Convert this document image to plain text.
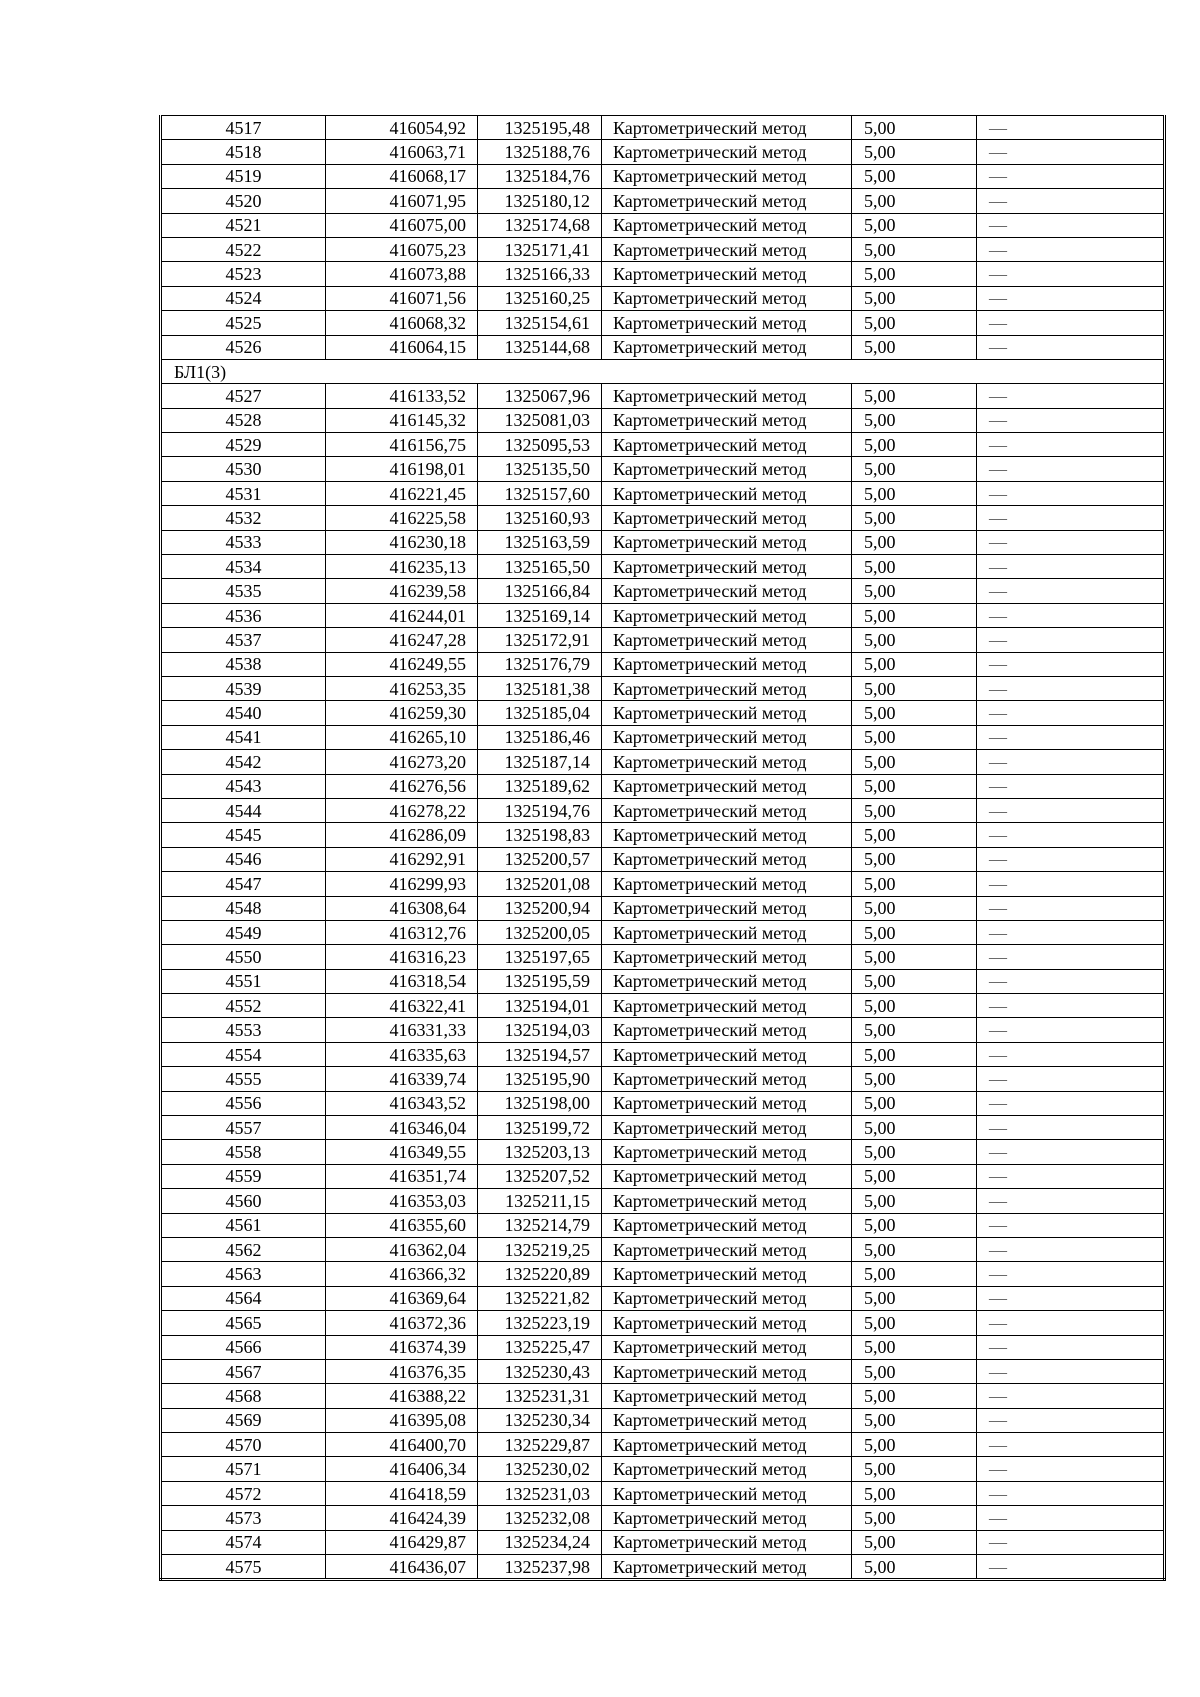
4517	416054,92	1325195,48	Картометрический метод	5,00	—
4518	416063,71	1325188,76	Картометрический метод	5,00	—
4519	416068,17	1325184,76	Картометрический метод	5,00	—
4520	416071,95	1325180,12	Картометрический метод	5,00	—
4521	416075,00	1325174,68	Картометрический метод	5,00	—
4522	416075,23	1325171,41	Картометрический метод	5,00	—
4523	416073,88	1325166,33	Картометрический метод	5,00	—
4524	416071,56	1325160,25	Картометрический метод	5,00	—
4525	416068,32	1325154,61	Картометрический метод	5,00	—
4526	416064,15	1325144,68	Картометрический метод	5,00	—
БЛ1(3)					
4527	416133,52	1325067,96	Картометрический метод	5,00	—
4528	416145,32	1325081,03	Картометрический метод	5,00	—
4529	416156,75	1325095,53	Картометрический метод	5,00	—
4530	416198,01	1325135,50	Картометрический метод	5,00	—
4531	416221,45	1325157,60	Картометрический метод	5,00	—
4532	416225,58	1325160,93	Картометрический метод	5,00	—
4533	416230,18	1325163,59	Картометрический метод	5,00	—
4534	416235,13	1325165,50	Картометрический метод	5,00	—
4535	416239,58	1325166,84	Картометрический метод	5,00	—
4536	416244,01	1325169,14	Картометрический метод	5,00	—
4537	416247,28	1325172,91	Картометрический метод	5,00	—
4538	416249,55	1325176,79	Картометрический метод	5,00	—
4539	416253,35	1325181,38	Картометрический метод	5,00	—
4540	416259,30	1325185,04	Картометрический метод	5,00	—
4541	416265,10	1325186,46	Картометрический метод	5,00	—
4542	416273,20	1325187,14	Картометрический метод	5,00	—
4543	416276,56	1325189,62	Картометрический метод	5,00	—
4544	416278,22	1325194,76	Картометрический метод	5,00	—
4545	416286,09	1325198,83	Картометрический метод	5,00	—
4546	416292,91	1325200,57	Картометрический метод	5,00	—
4547	416299,93	1325201,08	Картометрический метод	5,00	—
4548	416308,64	1325200,94	Картометрический метод	5,00	—
4549	416312,76	1325200,05	Картометрический метод	5,00	—
4550	416316,23	1325197,65	Картометрический метод	5,00	—
4551	416318,54	1325195,59	Картометрический метод	5,00	—
4552	416322,41	1325194,01	Картометрический метод	5,00	—
4553	416331,33	1325194,03	Картометрический метод	5,00	—
4554	416335,63	1325194,57	Картометрический метод	5,00	—
4555	416339,74	1325195,90	Картометрический метод	5,00	—
4556	416343,52	1325198,00	Картометрический метод	5,00	—
4557	416346,04	1325199,72	Картометрический метод	5,00	—
4558	416349,55	1325203,13	Картометрический метод	5,00	—
4559	416351,74	1325207,52	Картометрический метод	5,00	—
4560	416353,03	1325211,15	Картометрический метод	5,00	—
4561	416355,60	1325214,79	Картометрический метод	5,00	—
4562	416362,04	1325219,25	Картометрический метод	5,00	—
4563	416366,32	1325220,89	Картометрический метод	5,00	—
4564	416369,64	1325221,82	Картометрический метод	5,00	—
4565	416372,36	1325223,19	Картометрический метод	5,00	—
4566	416374,39	1325225,47	Картометрический метод	5,00	—
4567	416376,35	1325230,43	Картометрический метод	5,00	—
4568	416388,22	1325231,31	Картометрический метод	5,00	—
4569	416395,08	1325230,34	Картометрический метод	5,00	—
4570	416400,70	1325229,87	Картометрический метод	5,00	—
4571	416406,34	1325230,02	Картометрический метод	5,00	—
4572	416418,59	1325231,03	Картометрический метод	5,00	—
4573	416424,39	1325232,08	Картометрический метод	5,00	—
4574	416429,87	1325234,24	Картометрический метод	5,00	—
4575	416436,07	1325237,98	Картометрический метод	5,00	—
